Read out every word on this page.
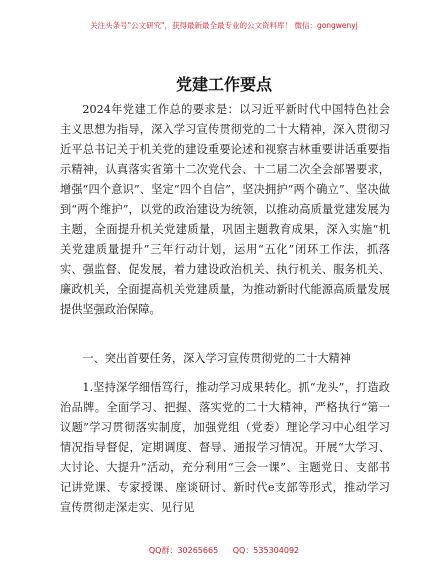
关注头条号"公文研究"，获得最新最全最专业的公文资料库！ 微信：gongwenyj
党建工作要点

2024年党建工作总的要求是：以习近平新时代中国特色社会主义思想为指导，深入学习宣传贯彻党的二十大精神，深入贯彻习近平总书记关于机关党的建设重要论述和视察吉林重要讲话重要指示精神，认真落实省第十二次党代会、十二届二次全会部署要求，增强“四个意识”、坚定“四个自信”，坚决拥护“两个确立”、坚决做到“两个维护”，以党的政治建设为统领，以推动高质量党建发展为主题，全面提升机关党建质量，巩固主题教育成果，深入实施“机关党建质量提升”三年行动计划，运用“五化”闭环工作法，抓落实、强监督、促发展，着力建设政治机关、执行机关、服务机关、廉政机关，全面提高机关党建质量，为推动新时代能源高质量发展提供坚强政治保障。

一、突出首要任务，深入学习宣传贯彻党的二十大精神

1.坚持深学细悟笃行，推动学习成果转化。抓“龙头”，打造政治品牌。全面学习、把握、落实党的二十大精神，严格执行“第一议题”学习贯彻落实制度，加强党组（党委）理论学习中心组学习情况指导督促，定期调度、督导、通报学习情况。开展“大学习、大讨论、大提升”活动，充分利用“三会一课”、主题党日、支部书记讲党课、专家授课、座谈研讨、新时代e支部等形式，推动学习宣传贯彻走深走实、见行见

QQ群：30265665 QQ：535304092
